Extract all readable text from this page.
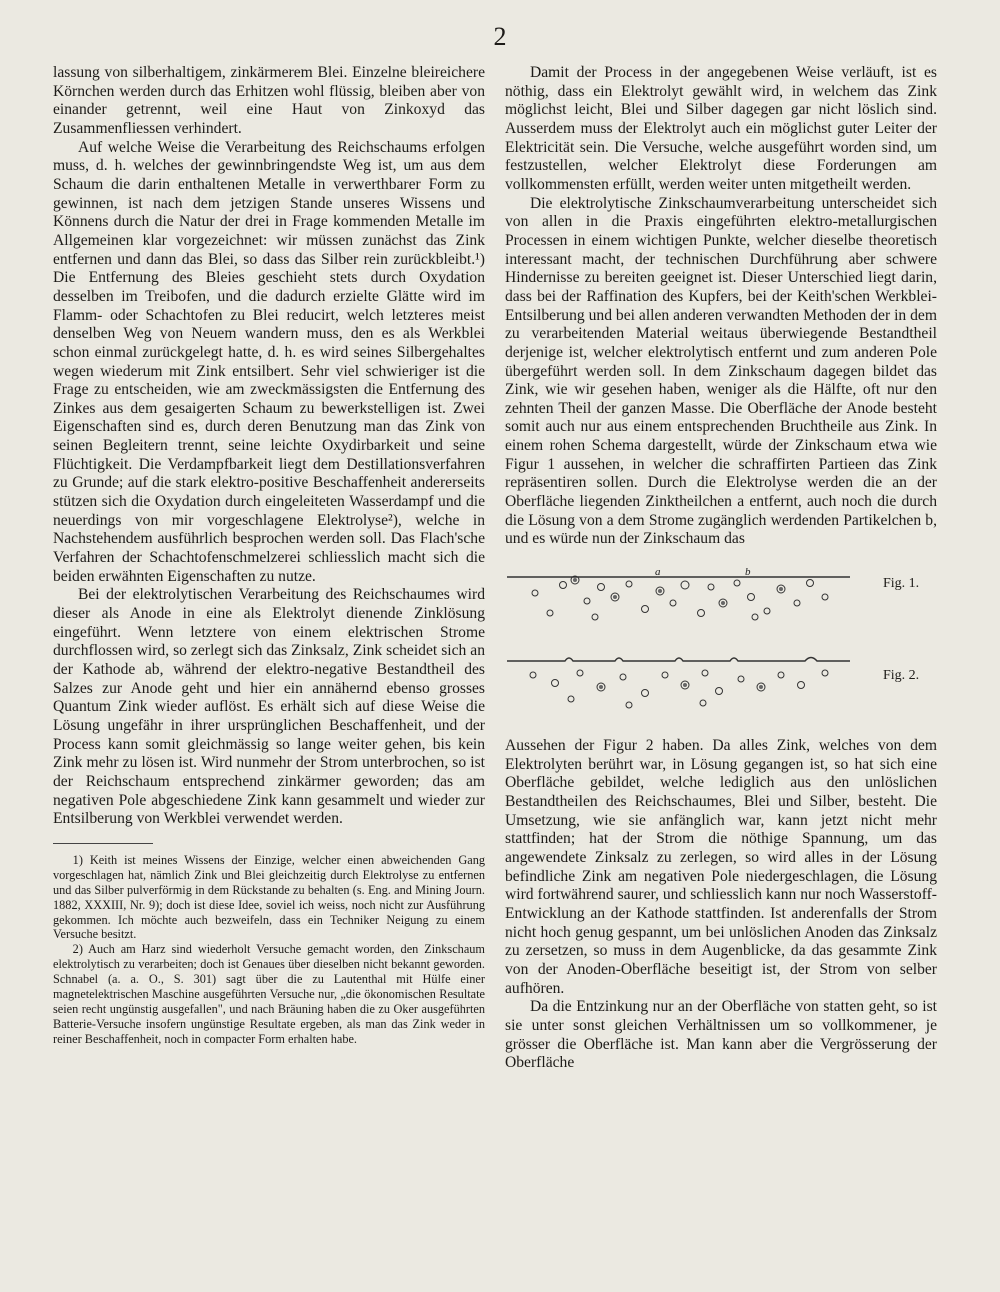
2

lassung von silberhaltigem, zinkärmerem Blei. Einzelne bleireichere Körnchen werden durch das Erhitzen wohl flüssig, bleiben aber von einander getrennt, weil eine Haut von Zinkoxyd das Zusammenfliessen verhindert.

Auf welche Weise die Verarbeitung des Reichschaums erfolgen muss, d. h. welches der gewinnbringendste Weg ist, um aus dem Schaum die darin enthaltenen Metalle in verwerthbarer Form zu gewinnen, ist nach dem jetzigen Stande unseres Wissens und Könnens durch die Natur der drei in Frage kommenden Metalle im Allgemeinen klar vorgezeichnet: wir müssen zunächst das Zink entfernen und dann das Blei, so dass das Silber rein zurückbleibt.¹) Die Entfernung des Bleies geschieht stets durch Oxydation desselben im Treibofen, und die dadurch erzielte Glätte wird im Flamm- oder Schachtofen zu Blei reducirt, welch letzteres meist denselben Weg von Neuem wandern muss, den es als Werkblei schon einmal zurückgelegt hatte, d. h. es wird seines Silbergehaltes wegen wiederum mit Zink entsilbert. Sehr viel schwieriger ist die Frage zu entscheiden, wie am zweckmässigsten die Entfernung des Zinkes aus dem gesaigerten Schaum zu bewerkstelligen ist. Zwei Eigenschaften sind es, durch deren Benutzung man das Zink von seinen Begleitern trennt, seine leichte Oxydirbarkeit und seine Flüchtigkeit. Die Verdampfbarkeit liegt dem Destillationsverfahren zu Grunde; auf die stark elektro-positive Beschaffenheit andererseits stützen sich die Oxydation durch eingeleiteten Wasserdampf und die neuerdings von mir vorgeschlagene Elektrolyse²), welche in Nachstehendem ausführlich besprochen werden soll. Das Flach'sche Verfahren der Schachtofenschmelzerei schliesslich macht sich die beiden erwähnten Eigenschaften zu nutze.

Bei der elektrolytischen Verarbeitung des Reichschaumes wird dieser als Anode in eine als Elektrolyt dienende Zinklösung eingeführt. Wenn letztere von einem elektrischen Strome durchflossen wird, so zerlegt sich das Zinksalz, Zink scheidet sich an der Kathode ab, während der elektro-negative Bestandtheil des Salzes zur Anode geht und hier ein annähernd ebenso grosses Quantum Zink wieder auflöst. Es erhält sich auf diese Weise die Lösung ungefähr in ihrer ursprünglichen Beschaffenheit, und der Process kann somit gleichmässig so lange weiter gehen, bis kein Zink mehr zu lösen ist. Wird nunmehr der Strom unterbrochen, so ist der Reichschaum entsprechend zinkärmer geworden; das am negativen Pole abgeschiedene Zink kann gesammelt und wieder zur Entsilberung von Werkblei verwendet werden.

1) Keith ist meines Wissens der Einzige, welcher einen abweichenden Gang vorgeschlagen hat, nämlich Zink und Blei gleichzeitig durch Elektrolyse zu entfernen und das Silber pulverförmig in dem Rückstande zu behalten (s. Eng. and Mining Journ. 1882, XXXIII, Nr. 9); doch ist diese Idee, soviel ich weiss, noch nicht zur Ausführung gekommen. Ich möchte auch bezweifeln, dass ein Techniker Neigung zu einem Versuche besitzt.

2) Auch am Harz sind wiederholt Versuche gemacht worden, den Zinkschaum elektrolytisch zu verarbeiten; doch ist Genaues über dieselben nicht bekannt geworden. Schnabel (a. a. O., S. 301) sagt über die zu Lautenthal mit Hülfe einer magnetelektrischen Maschine ausgeführten Versuche nur, „die ökonomischen Resultate seien recht ungünstig ausgefallen", und nach Bräuning haben die zu Oker ausgeführten Batterie-Versuche insofern ungünstige Resultate ergeben, als man das Zink weder in reiner Beschaffenheit, noch in compacter Form erhalten habe.

Damit der Process in der angegebenen Weise verläuft, ist es nöthig, dass ein Elektrolyt gewählt wird, in welchem das Zink möglichst leicht, Blei und Silber dagegen gar nicht löslich sind. Ausserdem muss der Elektrolyt auch ein möglichst guter Leiter der Elektricität sein. Die Versuche, welche ausgeführt worden sind, um festzustellen, welcher Elektrolyt diese Forderungen am vollkommensten erfüllt, werden weiter unten mitgetheilt werden.

Die elektrolytische Zinkschaumverarbeitung unterscheidet sich von allen in die Praxis eingeführten elektro-metallurgischen Processen in einem wichtigen Punkte, welcher dieselbe theoretisch interessant macht, der technischen Durchführung aber schwere Hindernisse zu bereiten geeignet ist. Dieser Unterschied liegt darin, dass bei der Raffination des Kupfers, bei der Keith'schen Werkblei-Entsilberung und bei allen anderen verwandten Methoden der in dem zu verarbeitenden Material weitaus überwiegende Bestandtheil derjenige ist, welcher elektrolytisch entfernt und zum anderen Pole übergeführt werden soll. In dem Zinkschaum dagegen bildet das Zink, wie wir gesehen haben, weniger als die Hälfte, oft nur den zehnten Theil der ganzen Masse. Die Oberfläche der Anode besteht somit auch nur aus einem entsprechenden Bruchtheile aus Zink. In einem rohen Schema dargestellt, würde der Zinkschaum etwa wie Figur 1 aussehen, in welcher die schraffirten Partieen das Zink repräsentiren sollen. Durch die Elektrolyse werden die an der Oberfläche liegenden Zinktheilchen a entfernt, auch noch die durch die Lösung von a dem Strome zugänglich werdenden Partikelchen b, und es würde nun der Zinkschaum das

a	b
Fig. 1.
Fig. 2.

Aussehen der Figur 2 haben. Da alles Zink, welches von dem Elektrolyten berührt war, in Lösung gegangen ist, so hat sich eine Oberfläche gebildet, welche lediglich aus den unlöslichen Bestandtheilen des Reichschaumes, Blei und Silber, besteht. Die Umsetzung, wie sie anfänglich war, kann jetzt nicht mehr stattfinden; hat der Strom die nöthige Spannung, um das angewendete Zinksalz zu zerlegen, so wird alles in der Lösung befindliche Zink am negativen Pole niedergeschlagen, die Lösung wird fortwährend saurer, und schliesslich kann nur noch Wasserstoff-Entwicklung an der Kathode stattfinden. Ist anderenfalls der Strom nicht hoch genug gespannt, um bei unlöslichen Anoden das Zinksalz zu zersetzen, so muss in dem Augenblicke, da das gesammte Zink von der Anoden-Oberfläche beseitigt ist, der Strom von selber aufhören.

Da die Entzinkung nur an der Oberfläche von statten geht, so ist sie unter sonst gleichen Verhältnissen um so vollkommener, je grösser die Oberfläche ist. Man kann aber die Vergrösserung der Oberfläche
